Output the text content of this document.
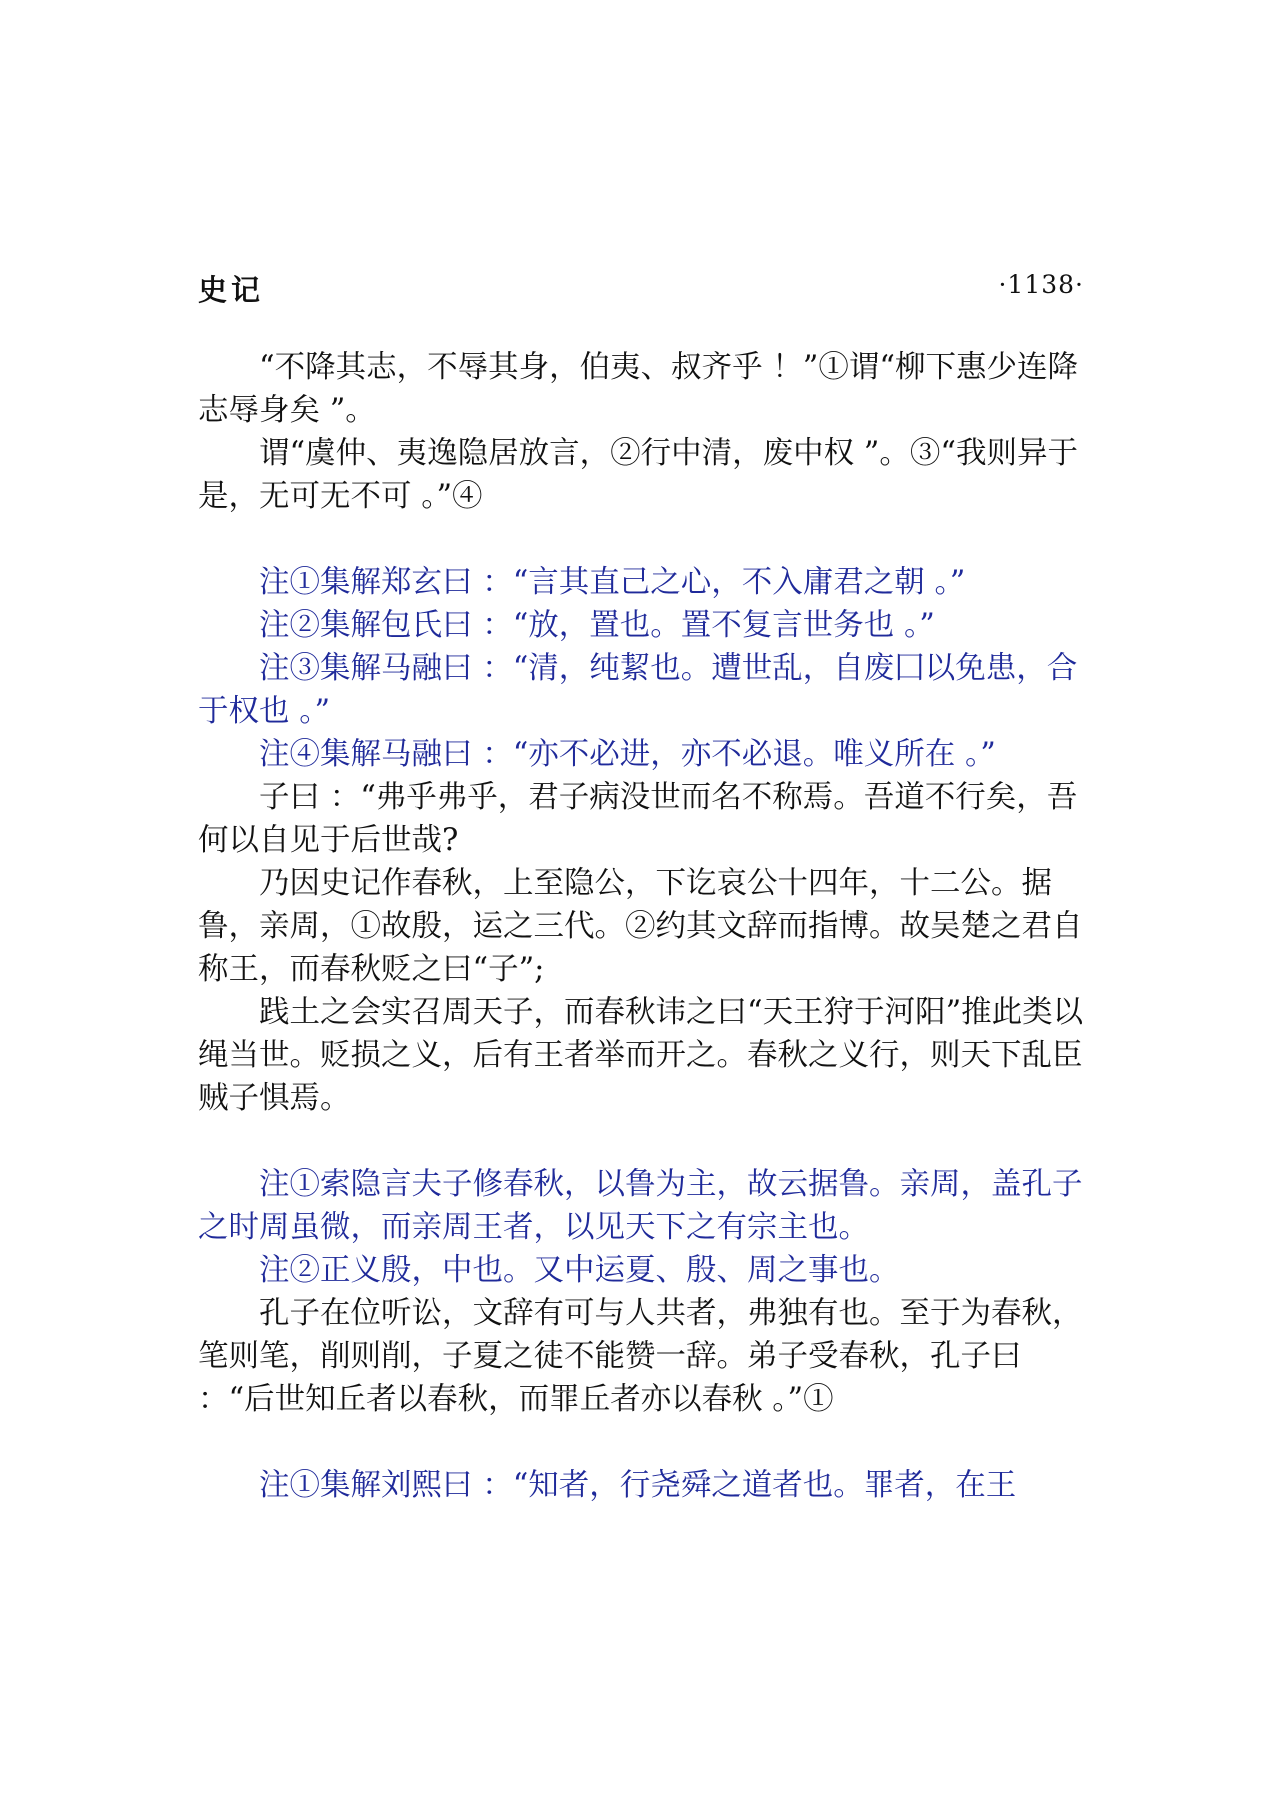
史记	·1138·

“不降其志，不辱其身，伯夷、叔齐乎 ！”①谓“柳下惠少连降志辱身矣 ”。

谓“虞仲、夷逸隐居放言，②行中清，废中权 ”。③“我则异于是，无可无不可 。”④

注①集解郑玄曰 ：“言其直己之心，不入庸君之朝 。”

注②集解包氏曰 ：“放，置也。置不复言世务也 。”

注③集解马融曰 ：“清，纯絜也。遭世乱，自废囗以免患，合于权也 。”

注④集解马融曰 ：“亦不必进，亦不必退。唯义所在 。”

子曰 ：“弗乎弗乎，君子病没世而名不称焉。吾道不行矣，吾何以自见于后世哉?

乃因史记作春秋，上至隐公，下讫哀公十四年，十二公。据鲁，亲周，①故殷，运之三代。②约其文辞而指博。故吴楚之君自称王，而春秋贬之曰“子”;

践土之会实召周天子，而春秋讳之曰“天王狩于河阳”推此类以绳当世。贬损之义，后有王者举而开之。春秋之义行，则天下乱臣贼子惧焉。

注①索隐言夫子修春秋，以鲁为主，故云据鲁。亲周，盖孔子之时周虽微，而亲周王者，以见天下之有宗主也。

注②正义殷，中也。又中运夏、殷、周之事也。

孔子在位听讼，文辞有可与人共者，弗独有也。至于为春秋，笔则笔，削则削，子夏之徒不能赞一辞。弟子受春秋，孔子曰 ：“后世知丘者以春秋，而罪丘者亦以春秋 。”①

注①集解刘熙曰 ：“知者，行尧舜之道者也。罪者，在王
